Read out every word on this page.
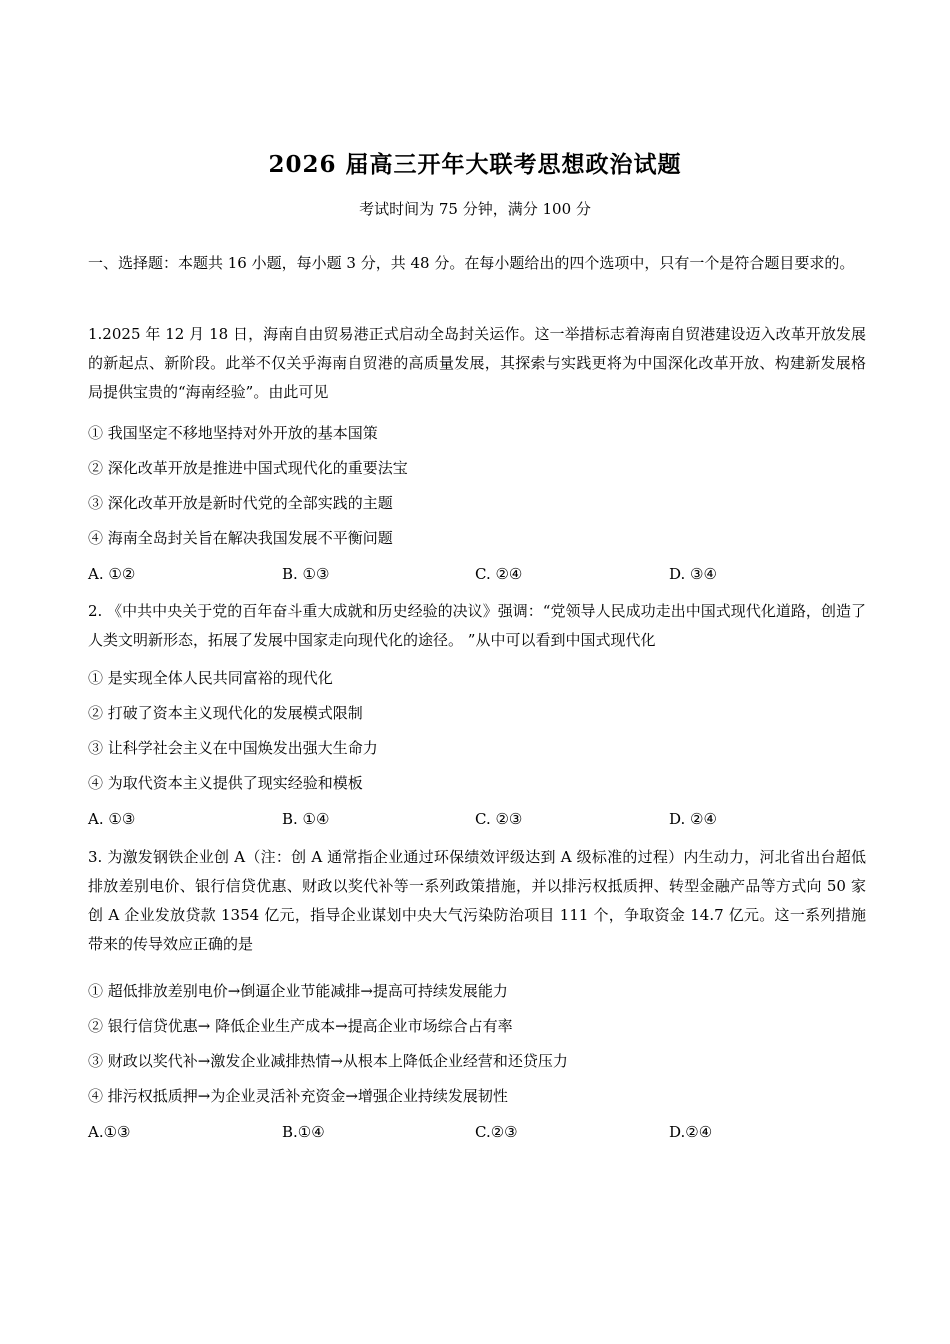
2026 届高三开年大联考思想政治试题
考试时间为 75 分钟，满分 100 分
一、选择题：本题共 16 小题，每小题 3 分，共 48 分。在每小题给出的四个选项中，只有一个是符合题目要求的。
1.2025 年 12 月 18 日，海南自由贸易港正式启动全岛封关运作。这一举措标志着海南自贸港建设迈入改革开放发展的新起点、新阶段。此举不仅关乎海南自贸港的高质量发展，其探索与实践更将为中国深化改革开放、构建新发展格局提供宝贵的“海南经验”。由此可见
① 我国坚定不移地坚持对外开放的基本国策
② 深化改革开放是推进中国式现代化的重要法宝
③ 深化改革开放是新时代党的全部实践的主题
④ 海南全岛封关旨在解决我国发展不平衡问题
A. ①②	B. ①③	C. ②④	D. ③④
2. 《中共中央关于党的百年奋斗重大成就和历史经验的决议》强调：“党领导人民成功走出中国式现代化道路，创造了人类文明新形态，拓展了发展中国家走向现代化的途径。 ”从中可以看到中国式现代化
① 是实现全体人民共同富裕的现代化
② 打破了资本主义现代化的发展模式限制
③ 让科学社会主义在中国焕发出强大生命力
④ 为取代资本主义提供了现实经验和模板
A. ①③	B. ①④	C. ②③	D. ②④
3. 为激发钢铁企业创 A（注：创 A 通常指企业通过环保绩效评级达到 A 级标准的过程）内生动力，河北省出台超低排放差别电价、银行信贷优惠、财政以奖代补等一系列政策措施，并以排污权抵质押、转型金融产品等方式向 50 家创 A 企业发放贷款 1354 亿元，指导企业谋划中央大气污染防治项目 111 个，争取资金 14.7 亿元。这一系列措施带来的传导效应正确的是
① 超低排放差别电价→倒逼企业节能减排→提高可持续发展能力
② 银行信贷优惠→ 降低企业生产成本→提高企业市场综合占有率
③ 财政以奖代补→激发企业减排热情→从根本上降低企业经营和还贷压力
④ 排污权抵质押→为企业灵活补充资金→增强企业持续发展韧性
A.①③	B.①④	C.②③	D.②④
